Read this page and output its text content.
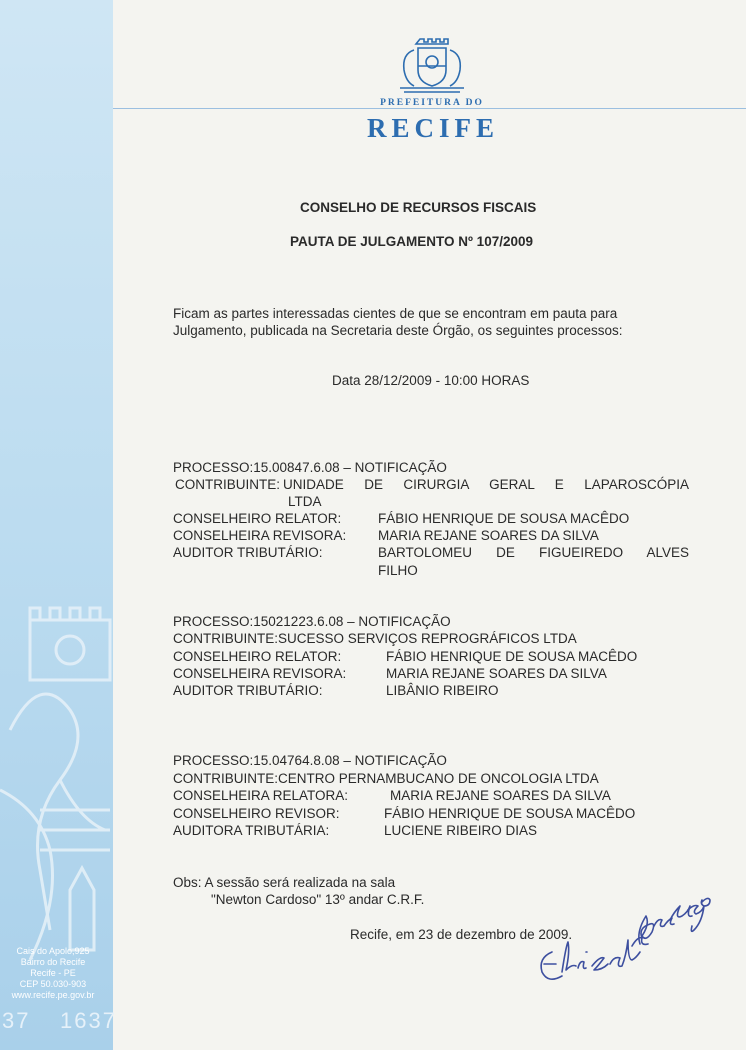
Cais do Apolo,925
Bairro do Recife
Recife - PE
CEP 50.030-903
www.recife.pe.gov.br
37 1637
PREFEITURA DO
RECIFE
CONSELHO DE RECURSOS FISCAIS
PAUTA DE JULGAMENTO Nº 107/2009
Ficam as partes interessadas cientes de que se encontram em pauta para
Julgamento, publicada na Secretaria deste Órgão, os seguintes processos:
Data 28/12/2009 - 10:00 HORAS
PROCESSO:15.00847.6.08 – NOTIFICAÇÃO
CONTRIBUINTE: UNIDADE DE CIRURGIA GERAL E LAPAROSCÓPIA
LTDA
CONSELHEIRO RELATOR:	FÁBIO HENRIQUE DE SOUSA MACÊDO
CONSELHEIRA REVISORA: MARIA REJANE SOARES DA SILVA
AUDITOR TRIBUTÁRIO:	BARTOLOMEU DE FIGUEIREDO ALVES
FILHO
PROCESSO:15021223.6.08 – NOTIFICAÇÃO
CONTRIBUINTE:SUCESSO SERVIÇOS REPROGRÁFICOS LTDA
CONSELHEIRO RELATOR:	FÁBIO HENRIQUE DE SOUSA MACÊDO
CONSELHEIRA REVISORA:	MARIA REJANE SOARES DA SILVA
AUDITOR TRIBUTÁRIO:	LIBÂNIO RIBEIRO
PROCESSO:15.04764.8.08 – NOTIFICAÇÃO
CONTRIBUINTE:CENTRO PERNAMBUCANO DE ONCOLOGIA LTDA
CONSELHEIRA RELATORA:	MARIA REJANE SOARES DA SILVA
CONSELHEIRO REVISOR:	FÁBIO HENRIQUE DE SOUSA MACÊDO
AUDITORA TRIBUTÁRIA:	LUCIENE RIBEIRO DIAS
Obs: A sessão será realizada na sala
"Newton Cardoso" 13º andar C.R.F.
Recife, em 23 de dezembro de 2009.
